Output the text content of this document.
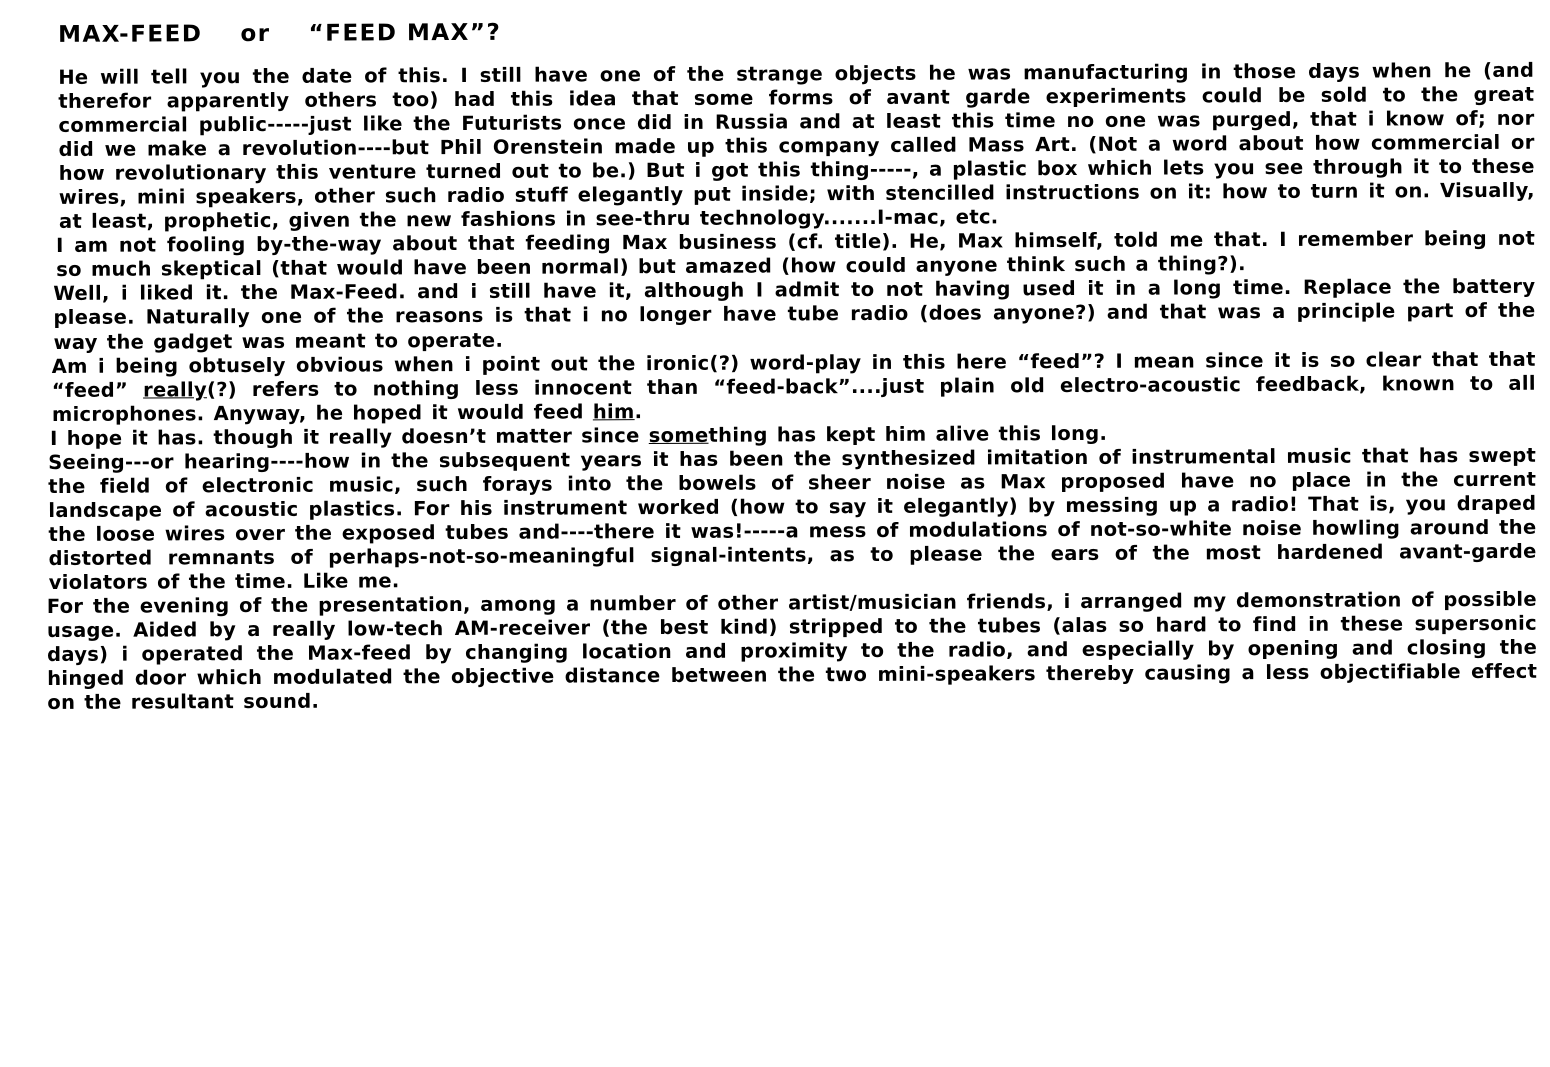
MAX-FEED    or    “FEED MAX”?

He will tell you the date of this. I still have one of the strange objects he was manufacturing in those days when he (and therefor apparently others too) had this idea that some forms of avant garde experiments could be sold to the great commercial public-----just like the Futurists once did in Russia and at least this time no one was purged, that i know of; nor did we make a revolution----but Phil Orenstein made up this company called Mass Art. (Not a word about how commercial or how revolutionary this venture turned out to be.) But i got this thing-----, a plastic box which lets you see through it to these wires, mini speakers, other such radio stuff elegantly put inside; with stencilled instructions on it: how to turn it on. Visually, at least, prophetic, given the new fashions in see-thru technology.......I-mac, etc.

I am not fooling by-the-way about that feeding Max business (cf. title). He, Max himself, told me that. I remember being not so much skeptical (that would have been normal) but amazed (how could anyone think such a thing?).

Well, i liked it. the Max-Feed. and i still have it, although I admit to not having used it in a long time. Replace the battery please. Naturally one of the reasons is that i no longer have tube radio (does anyone?) and that was a principle part of the way the gadget was meant to operate.

Am i being obtusely obvious when i point out the ironic(?) word-play in this here “feed”? I mean since it is so clear that that “feed” really(?) refers to nothing less innocent than “feed-back”....just plain old electro-acoustic feedback, known to all microphones. Anyway, he hoped it would feed him.

I hope it has. though it really doesn’t matter since something has kept him alive this long.

Seeing---or hearing----how in the subsequent years it has been the synthesized imitation of instrumental music that has swept the field of electronic music, such forays into the bowels of sheer noise as Max proposed have no place in the current landscape of acoustic plastics. For his instrument worked (how to say it elegantly) by messing up a radio! That is, you draped the loose wires over the exposed tubes and----there it was!-----a mess of modulations of not-so-white noise howling around the distorted remnants of perhaps-not-so-meaningful signal-intents, as to please the ears of the most hardened avant-garde violators of the time. Like me.

For the evening of the presentation, among a number of other artist/musician friends, i arranged my demonstration of possible usage. Aided by a really low-tech AM-receiver (the best kind) stripped to the tubes (alas so hard to find in these supersonic days) i operated the Max-feed by changing location and proximity to the radio, and especially by opening and closing the hinged door which modulated the objective distance between the two mini-speakers thereby causing a less objectifiable effect on the resultant sound.
